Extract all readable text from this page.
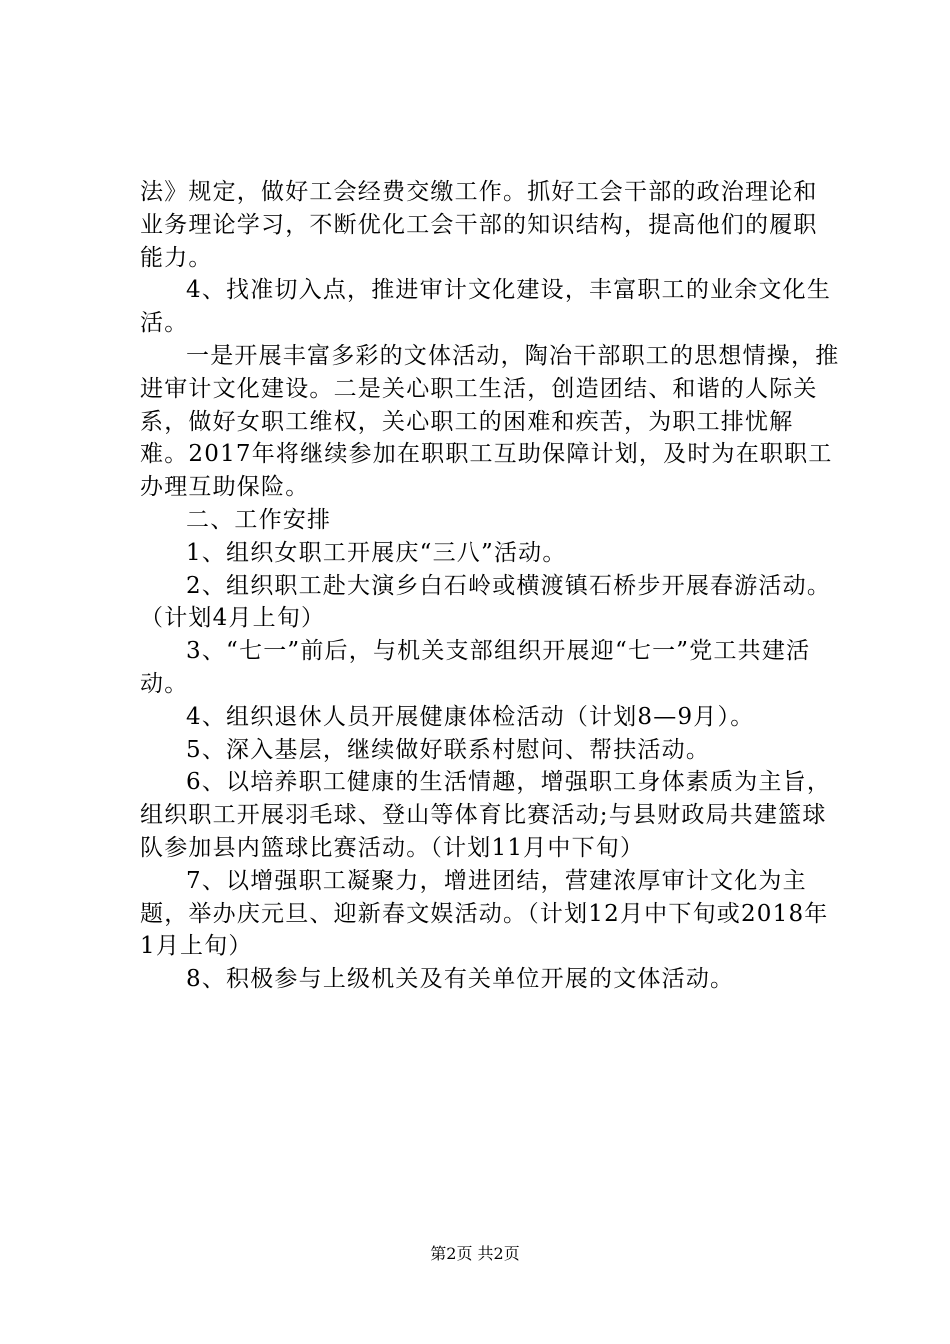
法》规定，做好工会经费交缴工作。抓好工会干部的政治理论和业务理论学习，不断优化工会干部的知识结构，提高他们的履职能力。

4、找准切入点，推进审计文化建设，丰富职工的业余文化生活。

一是开展丰富多彩的文体活动，陶冶干部职工的思想情操，推进审计文化建设。二是关心职工生活，创造团结、和谐的人际关系，做好女职工维权，关心职工的困难和疾苦，为职工排忧解难。2017年将继续参加在职职工互助保障计划，及时为在职职工办理互助保险。

二、工作安排

1、组织女职工开展庆“三八”活动。

2、组织职工赴大演乡白石岭或横渡镇石桥步开展春游活动。（计划4月上旬）

3、“七一”前后，与机关支部组织开展迎“七一”党工共建活动。

4、组织退休人员开展健康体检活动（计划8—9月）。

5、深入基层，继续做好联系村慰问、帮扶活动。

6、以培养职工健康的生活情趣，增强职工身体素质为主旨，组织职工开展羽毛球、登山等体育比赛活动;与县财政局共建篮球队参加县内篮球比赛活动。（计划11月中下旬）

7、以增强职工凝聚力，增进团结，营建浓厚审计文化为主题，举办庆元旦、迎新春文娱活动。（计划12月中下旬或2018年1月上旬）

8、积极参与上级机关及有关单位开展的文体活动。

第2页 共2页
